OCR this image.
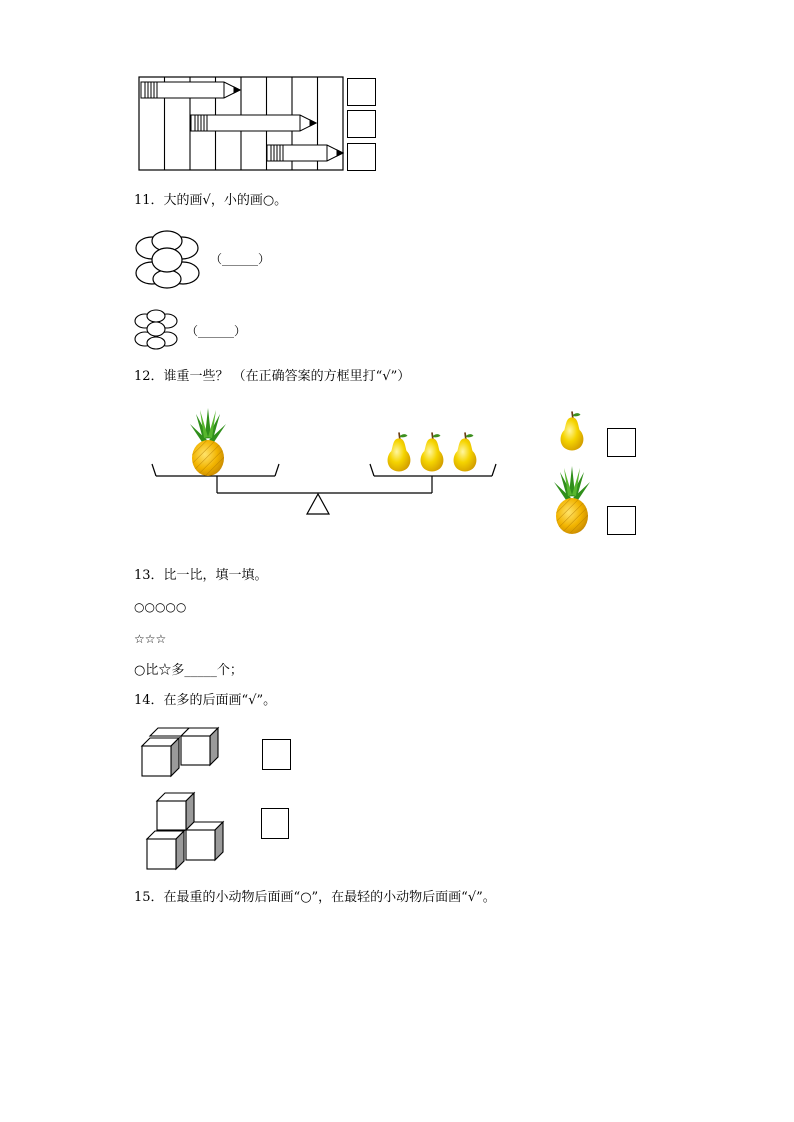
11．大的画√，小的画○。
（______）
（______）
12．谁重一些？ （在正确答案的方框里打“√”）
13．比一比，填一填。
○○○○○
☆☆☆
○比☆多_____个；
14．在多的后面画“√”。
15．在最重的小动物后面画“○”，在最轻的小动物后面画“√”。
